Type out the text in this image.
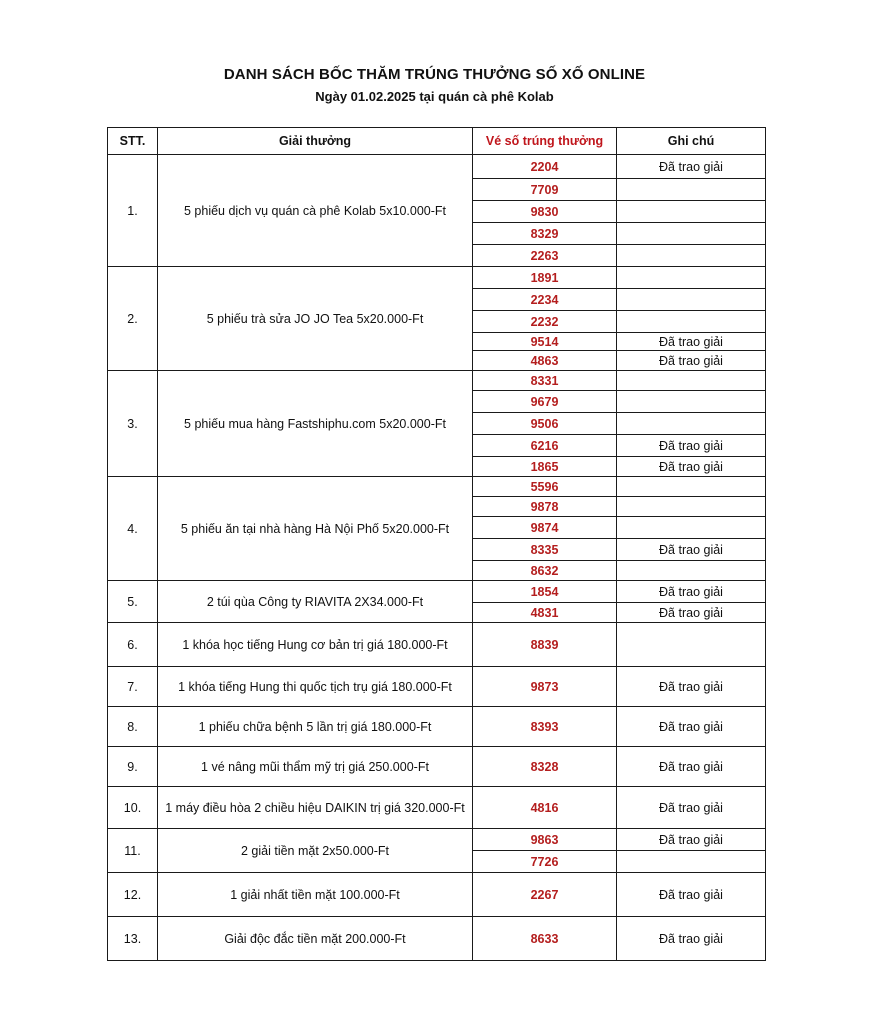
DANH SÁCH BỐC THĂM TRÚNG THƯỞNG SỐ XỐ ONLINE
Ngày 01.02.2025 tại quán cà phê Kolab
STT.	Giải thưởng	Vé số trúng thưởng	Ghi chú
1.	5 phiếu dịch vụ quán cà phê Kolab 5x10.000-Ft	2204	Đã trao giải
		7709	
		9830	
		8329	
		2263	
2.	5 phiếu trà sửa JO JO Tea 5x20.000-Ft	1891	
		2234	
		2232	
		9514	Đã trao giải
		4863	Đã trao giải
3.	5 phiếu mua hàng Fastshiphu.com 5x20.000-Ft	8331	
		9679	
		9506	
		6216	Đã trao giải
		1865	Đã trao giải
4.	5 phiếu ăn tại nhà hàng Hà Nội Phố 5x20.000-Ft	5596	
		9878	
		9874	
		8335	Đã trao giải
		8632	
5.	2 túi qùa Công ty RIAVITA 2X34.000-Ft	1854	Đã trao giải
		4831	Đã trao giải
6.	1 khóa học tiếng Hung cơ bản trị giá 180.000-Ft	8839	
7.	1 khóa tiếng Hung thi quốc tịch trụ giá 180.000-Ft	9873	Đã trao giải
8.	1 phiếu chữa bệnh 5 lần trị giá 180.000-Ft	8393	Đã trao giải
9.	1 vé nâng mũi thẩm mỹ trị giá 250.000-Ft	8328	Đã trao giải
10.	1 máy điều hòa 2 chiều hiệu DAIKIN trị giá 320.000-Ft	4816	Đã trao giải
11.	2 giải tiền mặt 2x50.000-Ft	9863	Đã trao giải
		7726	
12.	1 giải nhất tiền mặt 100.000-Ft	2267	Đã trao giải
13.	Giải độc đắc tiền mặt 200.000-Ft	8633	Đã trao giải
